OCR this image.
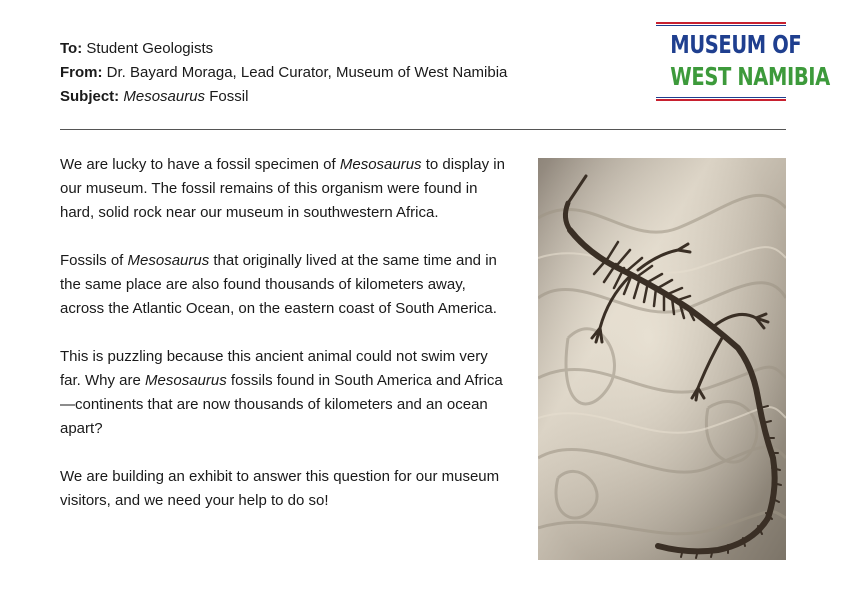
To: Student Geologists
From: Dr. Bayard Moraga, Lead Curator, Museum of West Namibia
Subject: Mesosaurus Fossil
MUSEUM OF
WEST NAMIBIA

We are lucky to have a fossil specimen of Mesosaurus to display in our museum. The fossil remains of this organism were found in hard, solid rock near our museum in southwestern Africa.

Fossils of Mesosaurus that originally lived at the same time and in the same place are also found thousands of kilometers away, across the Atlantic Ocean, on the eastern coast of South America.

This is puzzling because this ancient animal could not swim very far. Why are Mesosaurus fossils found in South America and Africa—continents that are now thousands of kilometers and an ocean apart?

We are building an exhibit to answer this question for our museum visitors, and we need your help to do so!
